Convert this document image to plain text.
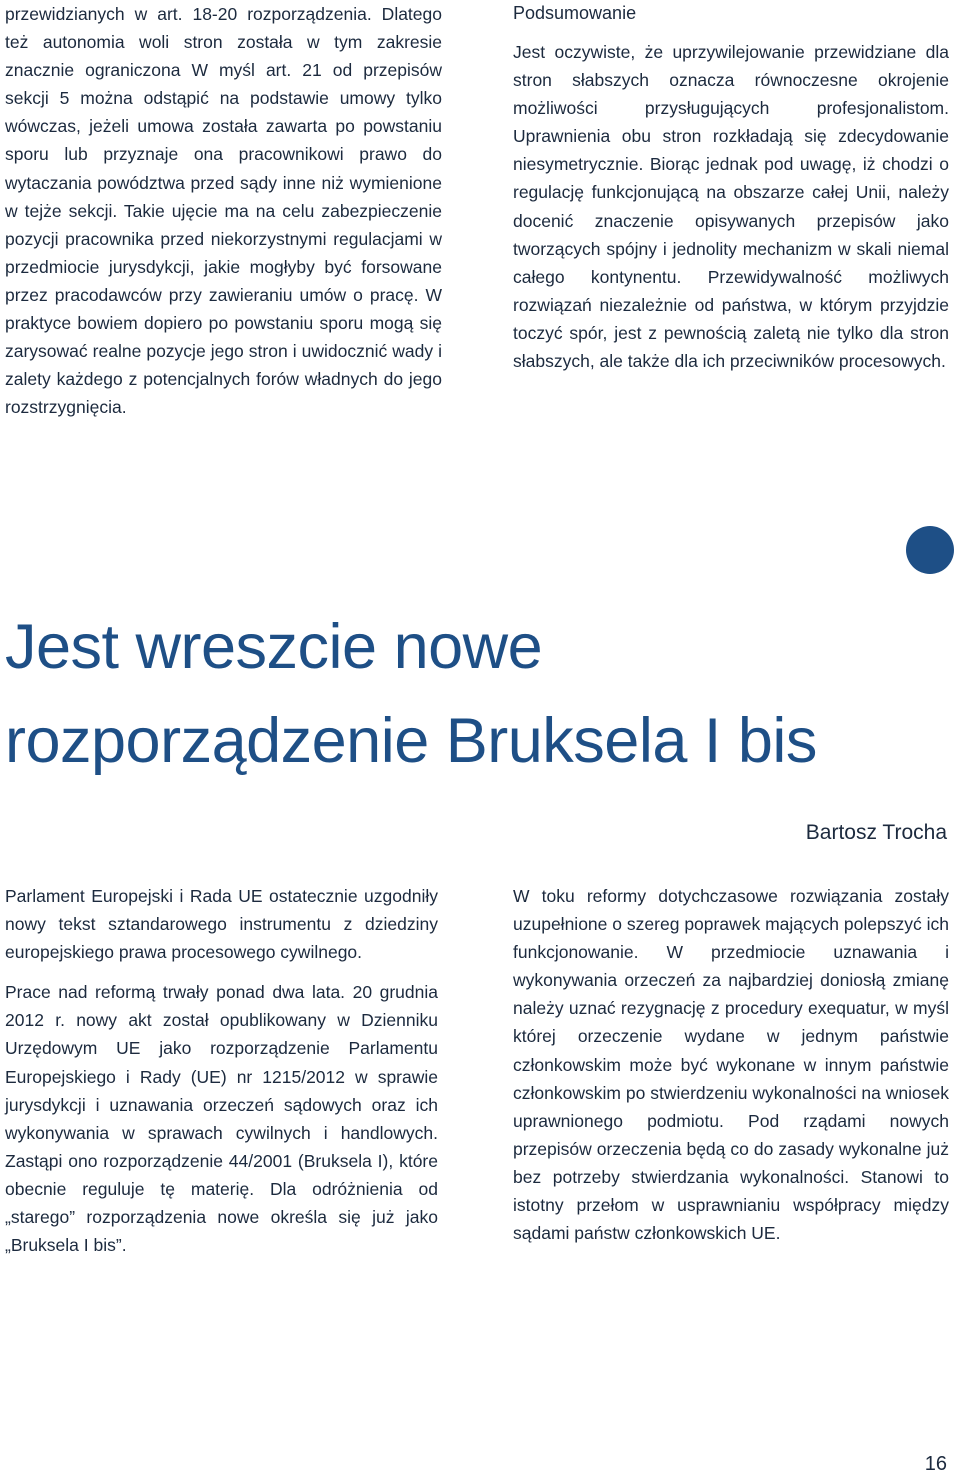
przewidzianych w art. 18-20 rozporządzenia. Dlatego też autonomia woli stron została w tym zakresie znacznie ograniczona W myśl art. 21 od przepisów sekcji 5 można odstąpić na podstawie umowy tylko wówczas, jeżeli umowa została zawarta po powstaniu sporu lub przyznaje ona pracownikowi prawo do wytaczania powództwa przed sądy inne niż wymienione w tejże sekcji. Takie ujęcie ma na celu zabezpieczenie pozycji pracownika przed niekorzystnymi regulacjami w przedmiocie jurysdykcji, jakie mogłyby być forsowane przez pracodawców przy zawieraniu umów o pracę. W praktyce bowiem dopiero po powstaniu sporu mogą się zarysować realne pozycje jego stron i uwidocznić wady i zalety każdego z potencjalnych forów władnych do jego rozstrzygnięcia.

Podsumowanie

Jest oczywiste, że uprzywilejowanie przewidziane dla stron słabszych oznacza równoczesne okrojenie możliwości przysługujących profesjonalistom. Uprawnienia obu stron rozkładają się zdecydowanie niesymetrycznie. Biorąc jednak pod uwagę, iż chodzi o regulację funkcjonującą na obszarze całej Unii, należy docenić znaczenie opisywanych przepisów jako tworzących spójny i jednolity mechanizm w skali niemal całego kontynentu. Przewidywalność możliwych rozwiązań niezależnie od państwa, w którym przyjdzie toczyć spór, jest z pewnością zaletą nie tylko dla stron słabszych, ale także dla ich przeciwników procesowych.

Jest wreszcie nowe rozporządzenie Bruksela I bis

Bartosz Trocha

Parlament Europejski i Rada UE ostatecznie uzgodniły nowy tekst sztandarowego instrumentu z dziedziny europejskiego prawa procesowego cywilnego.

Prace nad reformą trwały ponad dwa lata. 20 grudnia 2012 r. nowy akt został opublikowany w Dzienniku Urzędowym UE jako rozporządzenie Parlamentu Europejskiego i Rady (UE) nr 1215/2012 w sprawie jurysdykcji i uznawania orzeczeń sądowych oraz ich wykonywania w sprawach cywilnych i handlowych. Zastąpi ono rozporządzenie 44/2001 (Bruksela I), które obecnie reguluje tę materię. Dla odróżnienia od „starego” rozporządzenia nowe określa się już jako „Bruksela I bis”.

W toku reformy dotychczasowe rozwiązania zostały uzupełnione o szereg poprawek mających polepszyć ich funkcjonowanie. W przedmiocie uznawania i wykonywania orzeczeń za najbardziej doniosłą zmianę należy uznać rezygnację z procedury exequatur, w myśl której orzeczenie wydane w jednym państwie członkowskim może być wykonane w innym państwie członkowskim po stwierdzeniu wykonalności na wniosek uprawnionego podmiotu. Pod rządami nowych przepisów orzeczenia będą co do zasady wykonalne już bez potrzeby stwierdzania wykonalności. Stanowi to istotny przełom w usprawnianiu współpracy między sądami państw członkowskich UE.

16
